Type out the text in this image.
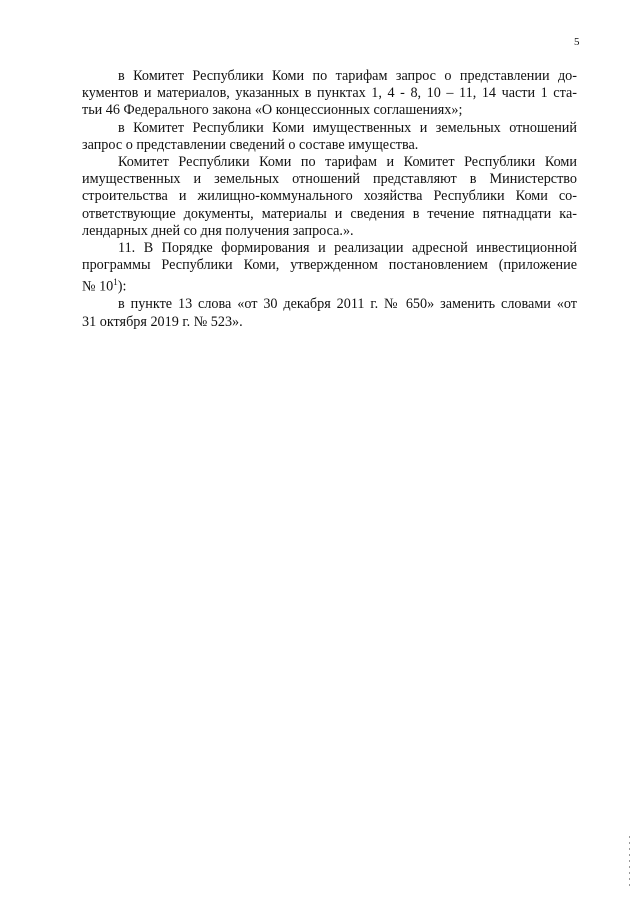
5

в Комитет Республики Коми по тарифам запрос о представлении до-
кументов и материалов, указанных в пунктах 1, 4 - 8, 10 – 11, 14 части 1 ста-
тьи 46 Федерального закона «О концессионных соглашениях»;

в Комитет Республики Коми имущественных и земельных отношений
запрос о представлении сведений о составе имущества.

Комитет Республики Коми по тарифам и Комитет Республики Коми
имущественных и земельных отношений представляют в Министерство
строительства и жилищно-коммунального хозяйства Республики Коми со-
ответствующие документы, материалы и сведения в течение пятнадцати ка-
лендарных дней со дня получения запроса.».

11. В Порядке формирования и реализации адресной инвестиционной
программы Республики Коми, утвержденном постановлением (приложение
№ $10^1$):

в пункте 13 слова «от 30 декабря 2011 г. № 650» заменить словами «от
31 октября 2019 г. № 523».
